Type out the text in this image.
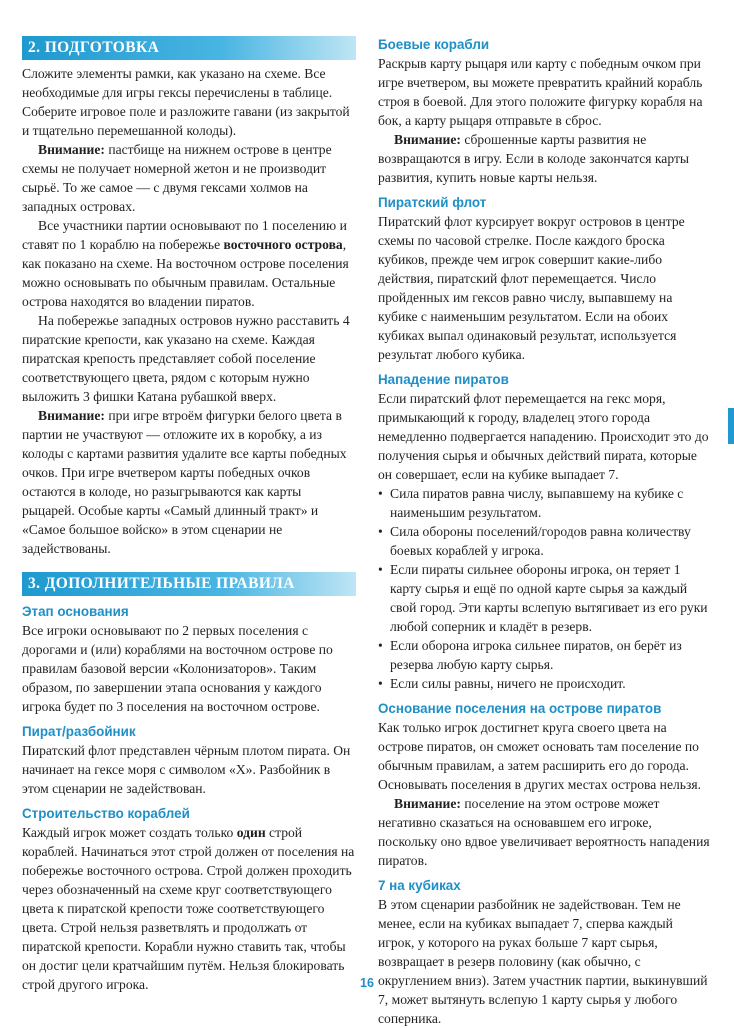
2. ПОДГОТОВКА

Сложите элементы рамки, как указано на схеме. Все необходимые для игры гексы перечислены в таблице. Соберите игровое поле и разложите гавани (из закрытой и тщательно перемешанной колоды).

Внимание: пастбище на нижнем острове в центре схемы не получает номерной жетон и не производит сырьё. То же самое — с двумя гексами холмов на западных островах.

Все участники партии основывают по 1 поселению и ставят по 1 кораблю на побережье восточного острова, как показано на схеме. На восточном острове поселения можно основывать по обычным правилам. Остальные острова находятся во владении пиратов.

На побережье западных островов нужно расставить 4 пиратские крепости, как указано на схеме. Каждая пиратская крепость представляет собой поселение соответствующего цвета, рядом с которым нужно выложить 3 фишки Катана рубашкой вверх.

Внимание: при игре втроём фигурки белого цвета в партии не участвуют — отложите их в коробку, а из колоды с картами развития удалите все карты победных очков. При игре вчетвером карты победных очков остаются в колоде, но разыгрываются как карты рыцарей. Особые карты «Самый длинный тракт» и «Самое большое войско» в этом сценарии не задействованы.

3. ДОПОЛНИТЕЛЬНЫЕ ПРАВИЛА
Этап основания

Все игроки основывают по 2 первых поселения с дорогами и (или) кораблями на восточном острове по правилам базовой версии «Колонизаторов». Таким образом, по завершении этапа основания у каждого игрока будет по 3 поселения на восточном острове.

Пират/разбойник

Пиратский флот представлен чёрным плотом пирата. Он начинает на гексе моря с символом «X». Разбойник в этом сценарии не задействован.

Строительство кораблей

Каждый игрок может создать только один строй кораблей. Начинаться этот строй должен от поселения на побережье восточного острова. Строй должен проходить через обозначенный на схеме круг соответствующего цвета к пиратской крепости тоже соответствующего цвета. Строй нельзя разветвлять и продолжать от пиратской крепости. Корабли нужно ставить так, чтобы он достиг цели кратчайшим путём. Нельзя блокировать строй другого игрока.

Боевые корабли

Раскрыв карту рыцаря или карту с победным очком при игре вчетвером, вы можете превратить крайний корабль строя в боевой. Для этого положите фигурку корабля на бок, а карту рыцаря отправьте в сброс.

Внимание: сброшенные карты развития не возвращаются в игру. Если в колоде закончатся карты развития, купить новые карты нельзя.

Пиратский флот

Пиратский флот курсирует вокруг островов в центре схемы по часовой стрелке. После каждого броска кубиков, прежде чем игрок совершит какие-либо действия, пиратский флот перемещается. Число пройденных им гексов равно числу, выпавшему на кубике с наименьшим результатом. Если на обоих кубиках выпал одинаковый результат, используется результат любого кубика.

Нападение пиратов

Если пиратский флот перемещается на гекс моря, примыкающий к городу, владелец этого города немедленно подвергается нападению. Происходит это до получения сырья и обычных действий пирата, которые он совершает, если на кубике выпадает 7.

• Сила пиратов равна числу, выпавшему на кубике с наименьшим результатом.
• Сила обороны поселений/городов равна количеству боевых кораблей у игрока.
• Если пираты сильнее обороны игрока, он теряет 1 карту сырья и ещё по одной карте сырья за каждый свой город. Эти карты вслепую вытягивает из его руки любой соперник и кладёт в резерв.
• Если оборона игрока сильнее пиратов, он берёт из резерва любую карту сырья.
• Если силы равны, ничего не происходит.
Основание поселения на острове пиратов

Как только игрок достигнет круга своего цвета на острове пиратов, он сможет основать там поселение по обычным правилам, а затем расширить его до города. Основывать поселения в других местах острова нельзя.

Внимание: поселение на этом острове может негативно сказаться на основавшем его игроке, поскольку оно вдвое увеличивает вероятность нападения пиратов.

7 на кубиках

В этом сценарии разбойник не задействован. Тем не менее, если на кубиках выпадает 7, сперва каждый игрок, у которого на руках больше 7 карт сырья, возвращает в резерв половину (как обычно, с округлением вниз). Затем участник партии, выкинувший 7, может вытянуть вслепую 1 карту сырья у любого соперника.

16
